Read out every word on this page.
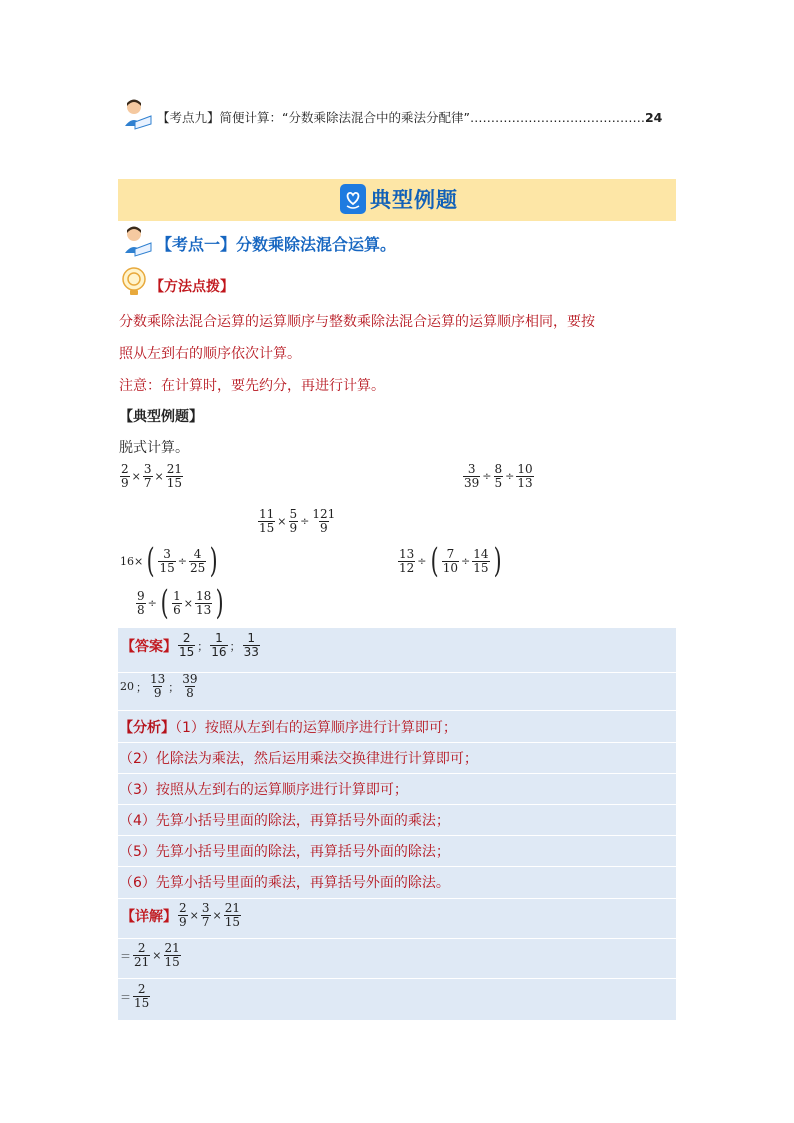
【考点九】简便计算：“分数乘除法混合中的乘法分配律”……………………………………24
典型例题
【考点一】分数乘除法混合运算。
【方法点拨】
分数乘除法混合运算的运算顺序与整数乘除法混合运算的运算顺序相同，要按
照从左到右的顺序依次计算。
注意：在计算时，要先约分，再进行计算。
【典型例题】
脱式计算。
$\frac{2}{9} \times \frac{3}{7} \times \frac{21}{15}$	$\frac{3}{39} \div \frac{8}{5} \div \frac{10}{13}$
$\frac{11}{15} \times \frac{5}{9} \div \frac{121}{9}$
16× ( $\frac{3}{15} \div \frac{4}{25}$ )	$\frac{13}{12}$ ÷ ( $\frac{7}{10} \div \frac{14}{15}$ )
$\frac{9}{8}$ ÷ ( $\frac{1}{6} \times \frac{18}{13}$ )
【答案】 $\frac{2}{15}$ ； $\frac{1}{16}$ ； $\frac{1}{33}$
20 ； $\frac{13}{9}$ ； $\frac{39}{8}$
【分析】（1）按照从左到右的运算顺序进行计算即可；
（2）化除法为乘法，然后运用乘法交换律进行计算即可；
（3）按照从左到右的运算顺序进行计算即可；
（4）先算小括号里面的除法，再算括号外面的乘法；
（5）先算小括号里面的除法，再算括号外面的除法；
（6）先算小括号里面的乘法，再算括号外面的除法。
【详解】 $\frac{2}{9} \times \frac{3}{7} \times \frac{21}{15}$
＝ $\frac{2}{21} \times \frac{21}{15}$
＝ $\frac{2}{15}$
